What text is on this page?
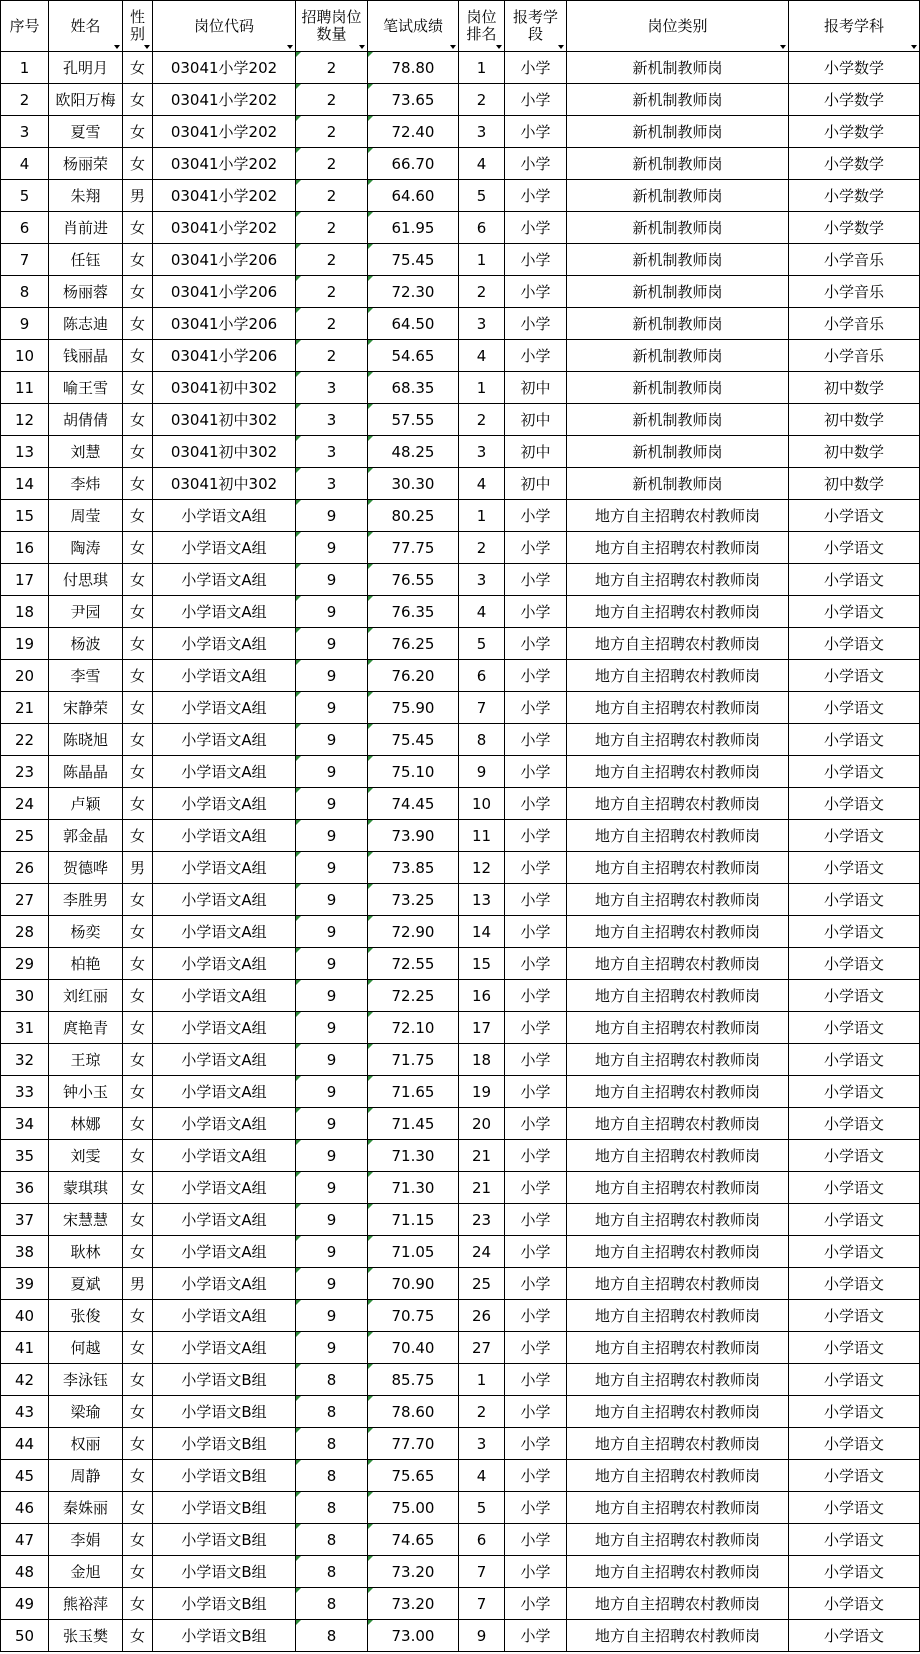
序号	姓名	性别	岗位代码	招聘岗位数量	笔试成绩	岗位排名	报考学段	岗位类别	报考学科

1	孔明月	女	03041小学202	2	78.80	1	小学	新机制教师岗	小学数学
2	欧阳万梅	女	03041小学202	2	73.65	2	小学	新机制教师岗	小学数学
3	夏雪	女	03041小学202	2	72.40	3	小学	新机制教师岗	小学数学
4	杨丽荣	女	03041小学202	2	66.70	4	小学	新机制教师岗	小学数学
5	朱翔	男	03041小学202	2	64.60	5	小学	新机制教师岗	小学数学
6	肖前进	女	03041小学202	2	61.95	6	小学	新机制教师岗	小学数学
7	任钰	女	03041小学206	2	75.45	1	小学	新机制教师岗	小学音乐
8	杨丽蓉	女	03041小学206	2	72.30	2	小学	新机制教师岗	小学音乐
9	陈志迪	女	03041小学206	2	64.50	3	小学	新机制教师岗	小学音乐
10	钱丽晶	女	03041小学206	2	54.65	4	小学	新机制教师岗	小学音乐
11	喻王雪	女	03041初中302	3	68.35	1	初中	新机制教师岗	初中数学
12	胡倩倩	女	03041初中302	3	57.55	2	初中	新机制教师岗	初中数学
13	刘慧	女	03041初中302	3	48.25	3	初中	新机制教师岗	初中数学
14	李炜	女	03041初中302	3	30.30	4	初中	新机制教师岗	初中数学
15	周莹	女	小学语文A组	9	80.25	1	小学	地方自主招聘农村教师岗	小学语文
16	陶涛	女	小学语文A组	9	77.75	2	小学	地方自主招聘农村教师岗	小学语文
17	付思琪	女	小学语文A组	9	76.55	3	小学	地方自主招聘农村教师岗	小学语文
18	尹园	女	小学语文A组	9	76.35	4	小学	地方自主招聘农村教师岗	小学语文
19	杨波	女	小学语文A组	9	76.25	5	小学	地方自主招聘农村教师岗	小学语文
20	李雪	女	小学语文A组	9	76.20	6	小学	地方自主招聘农村教师岗	小学语文
21	宋静荣	女	小学语文A组	9	75.90	7	小学	地方自主招聘农村教师岗	小学语文
22	陈晓旭	女	小学语文A组	9	75.45	8	小学	地方自主招聘农村教师岗	小学语文
23	陈晶晶	女	小学语文A组	9	75.10	9	小学	地方自主招聘农村教师岗	小学语文
24	卢颖	女	小学语文A组	9	74.45	10	小学	地方自主招聘农村教师岗	小学语文
25	郭金晶	女	小学语文A组	9	73.90	11	小学	地方自主招聘农村教师岗	小学语文
26	贺德哗	男	小学语文A组	9	73.85	12	小学	地方自主招聘农村教师岗	小学语文
27	李胜男	女	小学语文A组	9	73.25	13	小学	地方自主招聘农村教师岗	小学语文
28	杨奕	女	小学语文A组	9	72.90	14	小学	地方自主招聘农村教师岗	小学语文
29	柏艳	女	小学语文A组	9	72.55	15	小学	地方自主招聘农村教师岗	小学语文
30	刘红丽	女	小学语文A组	9	72.25	16	小学	地方自主招聘农村教师岗	小学语文
31	庹艳青	女	小学语文A组	9	72.10	17	小学	地方自主招聘农村教师岗	小学语文
32	王琼	女	小学语文A组	9	71.75	18	小学	地方自主招聘农村教师岗	小学语文
33	钟小玉	女	小学语文A组	9	71.65	19	小学	地方自主招聘农村教师岗	小学语文
34	林娜	女	小学语文A组	9	71.45	20	小学	地方自主招聘农村教师岗	小学语文
35	刘雯	女	小学语文A组	9	71.30	21	小学	地方自主招聘农村教师岗	小学语文
36	蒙琪琪	女	小学语文A组	9	71.30	21	小学	地方自主招聘农村教师岗	小学语文
37	宋慧慧	女	小学语文A组	9	71.15	23	小学	地方自主招聘农村教师岗	小学语文
38	耿林	女	小学语文A组	9	71.05	24	小学	地方自主招聘农村教师岗	小学语文
39	夏斌	男	小学语文A组	9	70.90	25	小学	地方自主招聘农村教师岗	小学语文
40	张俊	女	小学语文A组	9	70.75	26	小学	地方自主招聘农村教师岗	小学语文
41	何越	女	小学语文A组	9	70.40	27	小学	地方自主招聘农村教师岗	小学语文
42	李泳钰	女	小学语文B组	8	85.75	1	小学	地方自主招聘农村教师岗	小学语文
43	梁瑜	女	小学语文B组	8	78.60	2	小学	地方自主招聘农村教师岗	小学语文
44	权丽	女	小学语文B组	8	77.70	3	小学	地方自主招聘农村教师岗	小学语文
45	周静	女	小学语文B组	8	75.65	4	小学	地方自主招聘农村教师岗	小学语文
46	秦姝丽	女	小学语文B组	8	75.00	5	小学	地方自主招聘农村教师岗	小学语文
47	李娟	女	小学语文B组	8	74.65	6	小学	地方自主招聘农村教师岗	小学语文
48	金旭	女	小学语文B组	8	73.20	7	小学	地方自主招聘农村教师岗	小学语文
49	熊裕萍	女	小学语文B组	8	73.20	7	小学	地方自主招聘农村教师岗	小学语文
50	张玉樊	女	小学语文B组	8	73.00	9	小学	地方自主招聘农村教师岗	小学语文
